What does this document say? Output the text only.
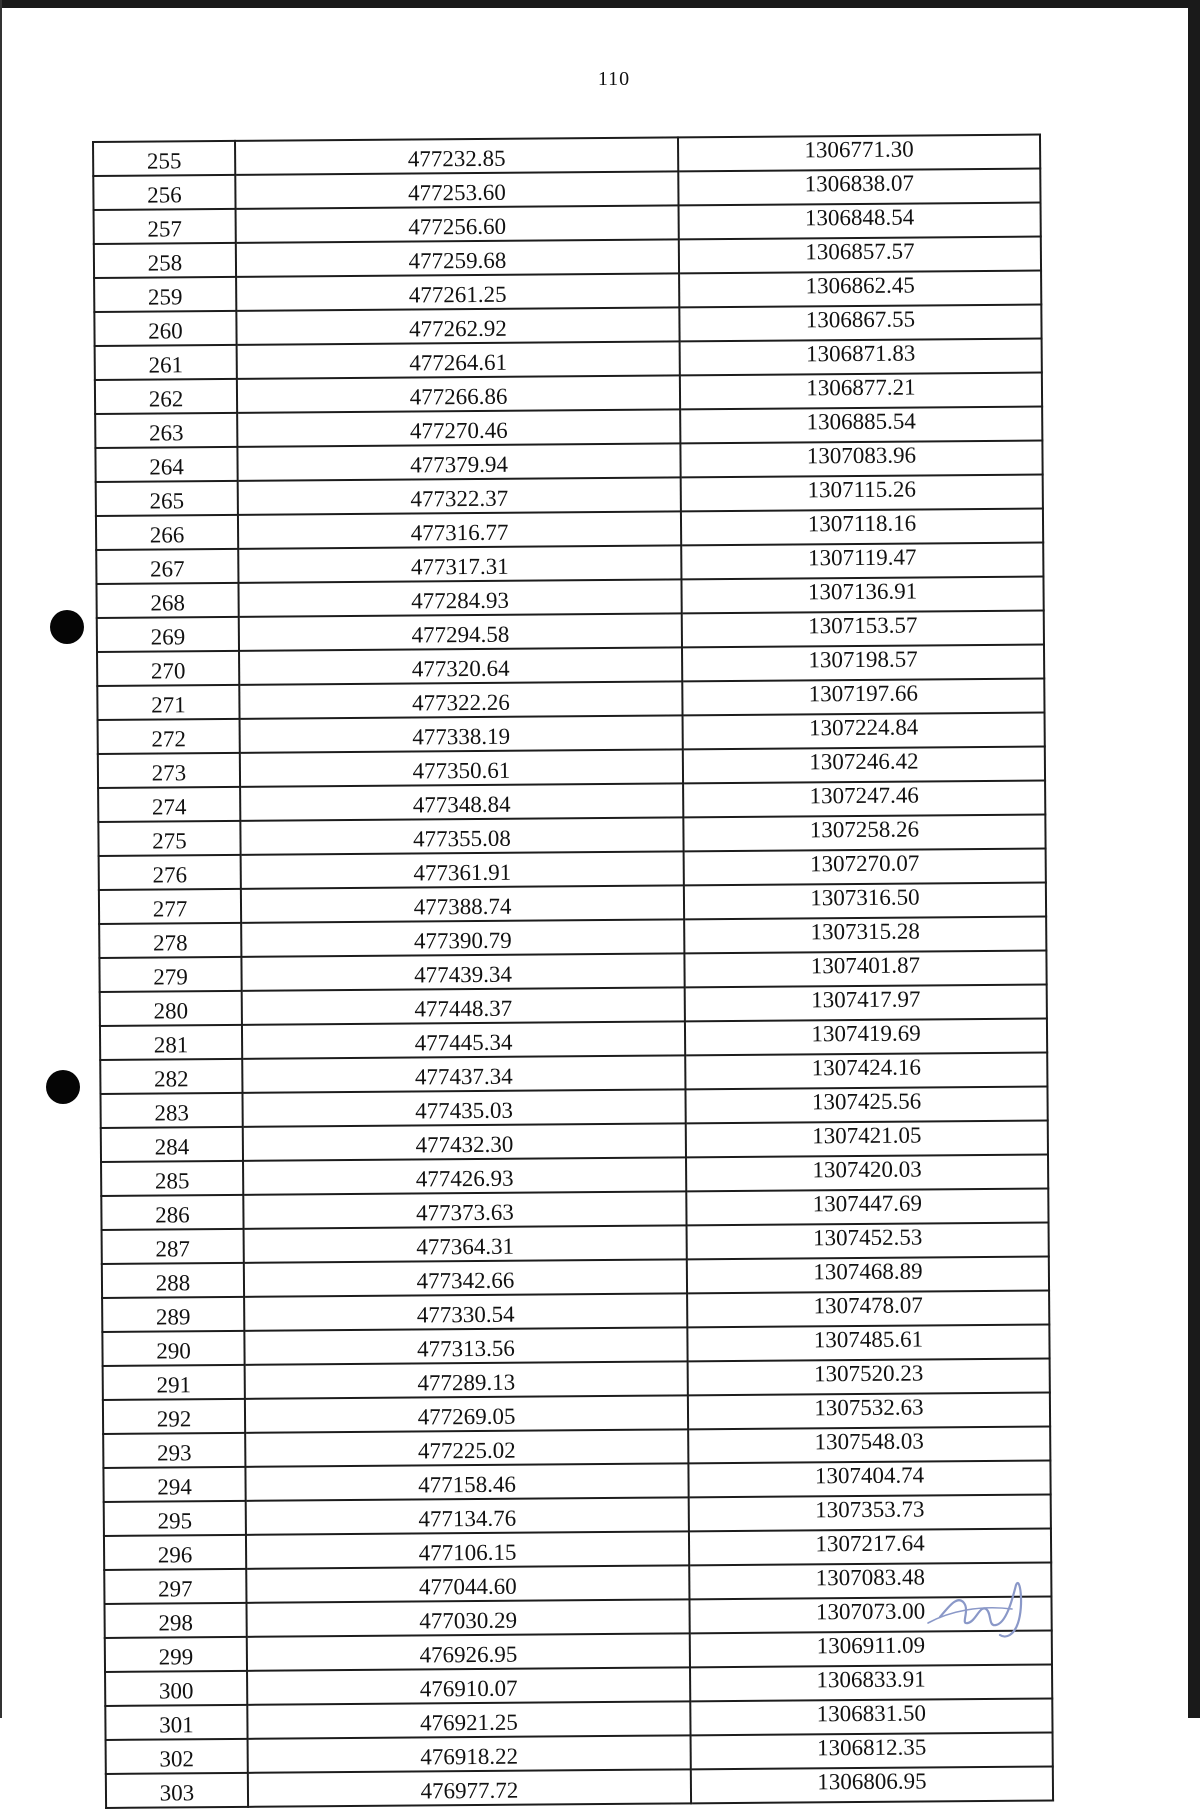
110
255	477232.85	1306771.30
256	477253.60	1306838.07
257	477256.60	1306848.54
258	477259.68	1306857.57
259	477261.25	1306862.45
260	477262.92	1306867.55
261	477264.61	1306871.83
262	477266.86	1306877.21
263	477270.46	1306885.54
264	477379.94	1307083.96
265	477322.37	1307115.26
266	477316.77	1307118.16
267	477317.31	1307119.47
268	477284.93	1307136.91
269	477294.58	1307153.57
270	477320.64	1307198.57
271	477322.26	1307197.66
272	477338.19	1307224.84
273	477350.61	1307246.42
274	477348.84	1307247.46
275	477355.08	1307258.26
276	477361.91	1307270.07
277	477388.74	1307316.50
278	477390.79	1307315.28
279	477439.34	1307401.87
280	477448.37	1307417.97
281	477445.34	1307419.69
282	477437.34	1307424.16
283	477435.03	1307425.56
284	477432.30	1307421.05
285	477426.93	1307420.03
286	477373.63	1307447.69
287	477364.31	1307452.53
288	477342.66	1307468.89
289	477330.54	1307478.07
290	477313.56	1307485.61
291	477289.13	1307520.23
292	477269.05	1307532.63
293	477225.02	1307548.03
294	477158.46	1307404.74
295	477134.76	1307353.73
296	477106.15	1307217.64
297	477044.60	1307083.48
298	477030.29	1307073.00
299	476926.95	1306911.09
300	476910.07	1306833.91
301	476921.25	1306831.50
302	476918.22	1306812.35
303	476977.72	1306806.95
